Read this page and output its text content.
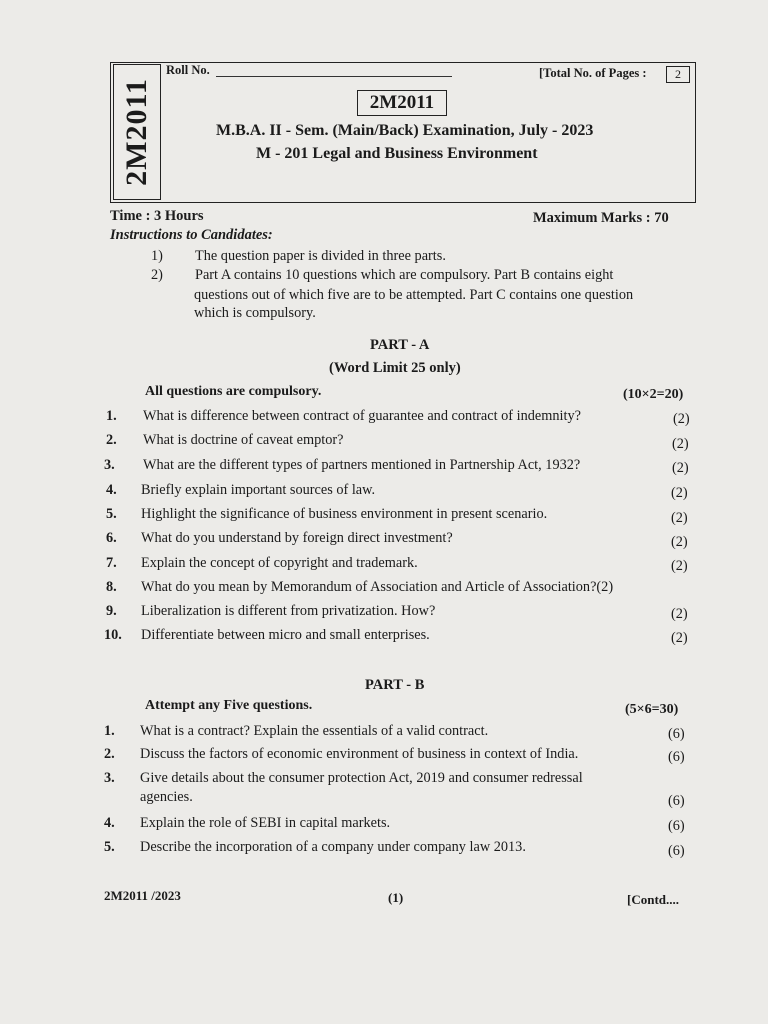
2M2011
Roll No.	[Total No. of Pages :	2
2M2011
M.B.A. II - Sem. (Main/Back) Examination, July - 2023
M - 201 Legal and Business Environment
Time : 3 Hours	Maximum Marks : 70
Instructions to Candidates:
1) The question paper is divided in three parts.
2) Part A contains 10 questions which are compulsory. Part B contains eight
questions out of which five are to be attempted. Part C contains one question
which is compulsory.
PART - A
(Word Limit 25 only)
All questions are compulsory.	(10×2=20)
1. What is difference between contract of guarantee and contract of indemnity?	(2)
2. What is doctrine of caveat emptor?	(2)
3. What are the different types of partners mentioned in Partnership Act, 1932?	(2)
4. Briefly explain important sources of law.	(2)
5. Highlight the significance of business environment in present scenario.	(2)
6. What do you understand by foreign direct investment?	(2)
7. Explain the concept of copyright and trademark.	(2)
8. What do you mean by Memorandum of Association and Article of Association?(2)
9. Liberalization is different from privatization. How?	(2)
10. Differentiate between micro and small enterprises.	(2)
PART - B
Attempt any Five questions.	(5×6=30)
1. What is a contract? Explain the essentials of a valid contract.	(6)
2. Discuss the factors of economic environment of business in context of India.	(6)
3. Give details about the consumer protection Act, 2019 and consumer redressal
agencies.	(6)
4. Explain the role of SEBI in capital markets.	(6)
5. Describe the incorporation of a company under company law 2013.	(6)
2M2011 /2023	(1)	[Contd....
